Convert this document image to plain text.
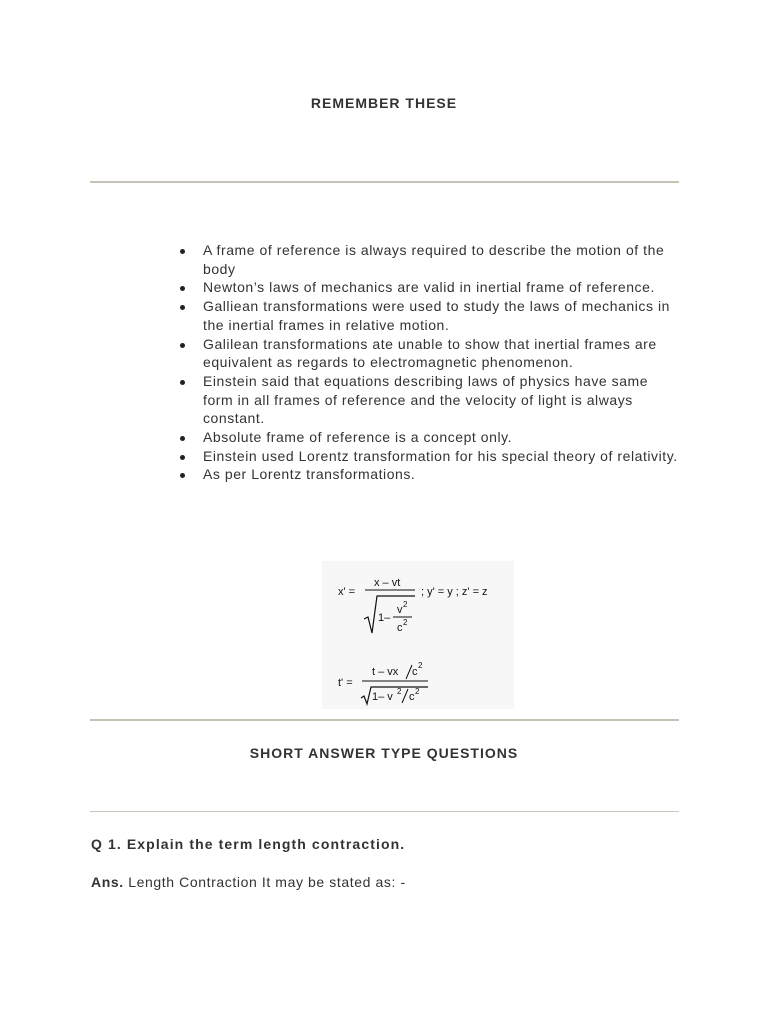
REMEMBER THESE
A frame of reference is always required to describe the motion of the body
Newton’s laws of mechanics are valid in inertial frame of reference.
Galliean transformations were used to study the laws of mechanics in the inertial frames in relative motion.
Galilean transformations ate unable to show that inertial frames are equivalent as regards to electromagnetic phenomenon.
Einstein said that equations describing laws of physics have same form in all frames of reference and the velocity of light is always constant.
Absolute frame of reference is a concept only.
Einstein used Lorentz transformation for his special theory of relativity.
As per Lorentz transformations.
x' =
x – vt
; y' = y ; z' = z
1–
v 2
c 2
t' =
t – vx c
2
1– v 2 c 2
SHORT ANSWER TYPE QUESTIONS
Q 1. Explain the term length contraction.
Ans. Length Contraction It may be stated as: -
